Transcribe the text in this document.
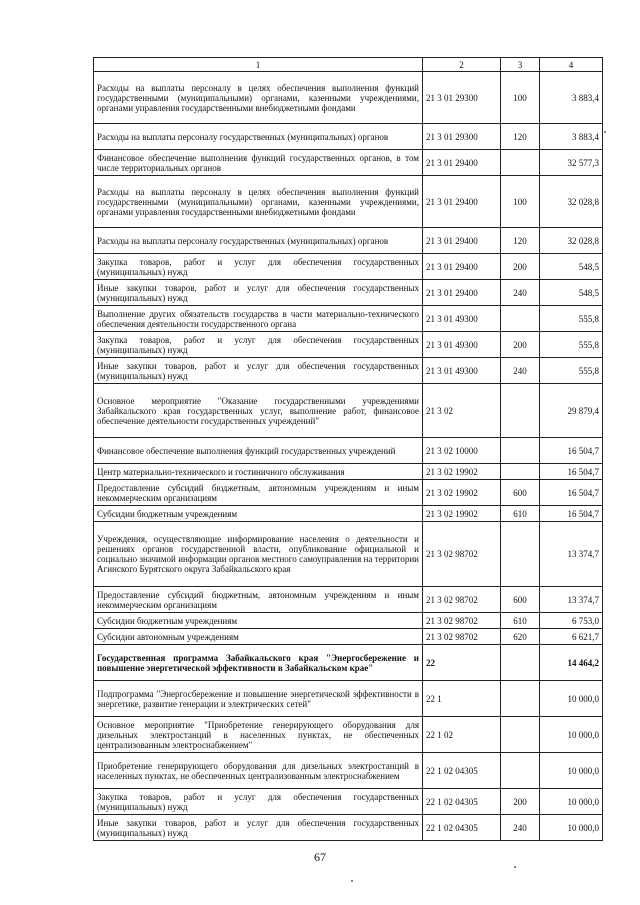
1	2	3	4
Расходы на выплаты персоналу в целях обеспечения выполнения функций государственными (муниципальными) органами, казенными учреждениями, органами управления государственными внебюджетными фондами	21 3 01 29300	100	3 883,4
Расходы на выплаты персоналу государственных (муниципальных) органов	21 3 01 29300	120	3 883,4
Финансовое обеспечение выполнения функций государственных органов, в том числе территориальных органов	21 3 01 29400		32 577,3
Расходы на выплаты персоналу в целях обеспечения выполнения функций государственными (муниципальными) органами, казенными учреждениями, органами управления государственными внебюджетными фондами	21 3 01 29400	100	32 028,8
Расходы на выплаты персоналу государственных (муниципальных) органов	21 3 01 29400	120	32 028,8
Закупка товаров, работ и услуг для обеспечения государственных (муниципальных) нужд	21 3 01 29400	200	548,5
Иные закупки товаров, работ и услуг для обеспечения государственных (муниципальных) нужд	21 3 01 29400	240	548,5
Выполнение других обязательств государства в части материально-технического обеспечения деятельности государственного органа	21 3 01 49300		555,8
Закупка товаров, работ и услуг для обеспечения государственных (муниципальных) нужд	21 3 01 49300	200	555,8
Иные закупки товаров, работ и услуг для обеспечения государственных (муниципальных) нужд	21 3 01 49300	240	555,8
Основное мероприятие "Оказание государственными учреждениями Забайкальского края государственных услуг, выполнение работ, финансовое обеспечение деятельности государственных учреждений"	21 3 02		29 879,4
Финансовое обеспечение выполнения функций государственных учреждений	21 3 02 10000		16 504,7
Центр материально-технического и гостиничного обслуживания	21 3 02 19902		16 504,7
Предоставление субсидий бюджетным, автономным учреждениям и иным некоммерческим организациям	21 3 02 19902	600	16 504,7
Субсидии бюджетным учреждениям	21 3 02 19902	610	16 504,7
Учреждения, осуществляющие информирование населения о деятельности и решениях органов государственной власти, опубликование официальной и социально значимой информации органов местного самоуправления на территории Агинского Бурятского округа Забайкальского края	21 3 02 98702		13 374,7
Предоставление субсидий бюджетным, автономным учреждениям и иным некоммерческим организациям	21 3 02 98702	600	13 374,7
Субсидии бюджетным учреждениям	21 3 02 98702	610	6 753,0
Субсидии автономным учреждениям	21 3 02 98702	620	6 621,7
Государственная программа Забайкальского края "Энергосбережение и повышение энергетической эффективности в Забайкальском крае"	22		14 464,2
Подпрограмма "Энергосбережение и повышение энергетической эффективности в энергетике, развитие генерации и электрических сетей"	22 1		10 000,0
Основное мероприятие "Приобретение генерирующего оборудования для дизельных электростанций в населенных пунктах, не обеспеченных централизованным электроснабжением"	22 1 02		10 000,0
Приобретение генерирующего оборудования для дизельных электростанций в населенных пунктах, не обеспеченных централизованным электроснабжением	22 1 02 04305		10 000,0
Закупка товаров, работ и услуг для обеспечения государственных (муниципальных) нужд	22 1 02 04305	200	10 000,0
Иные закупки товаров, работ и услуг для обеспечения государственных (муниципальных) нужд	22 1 02 04305	240	10 000,0
67
